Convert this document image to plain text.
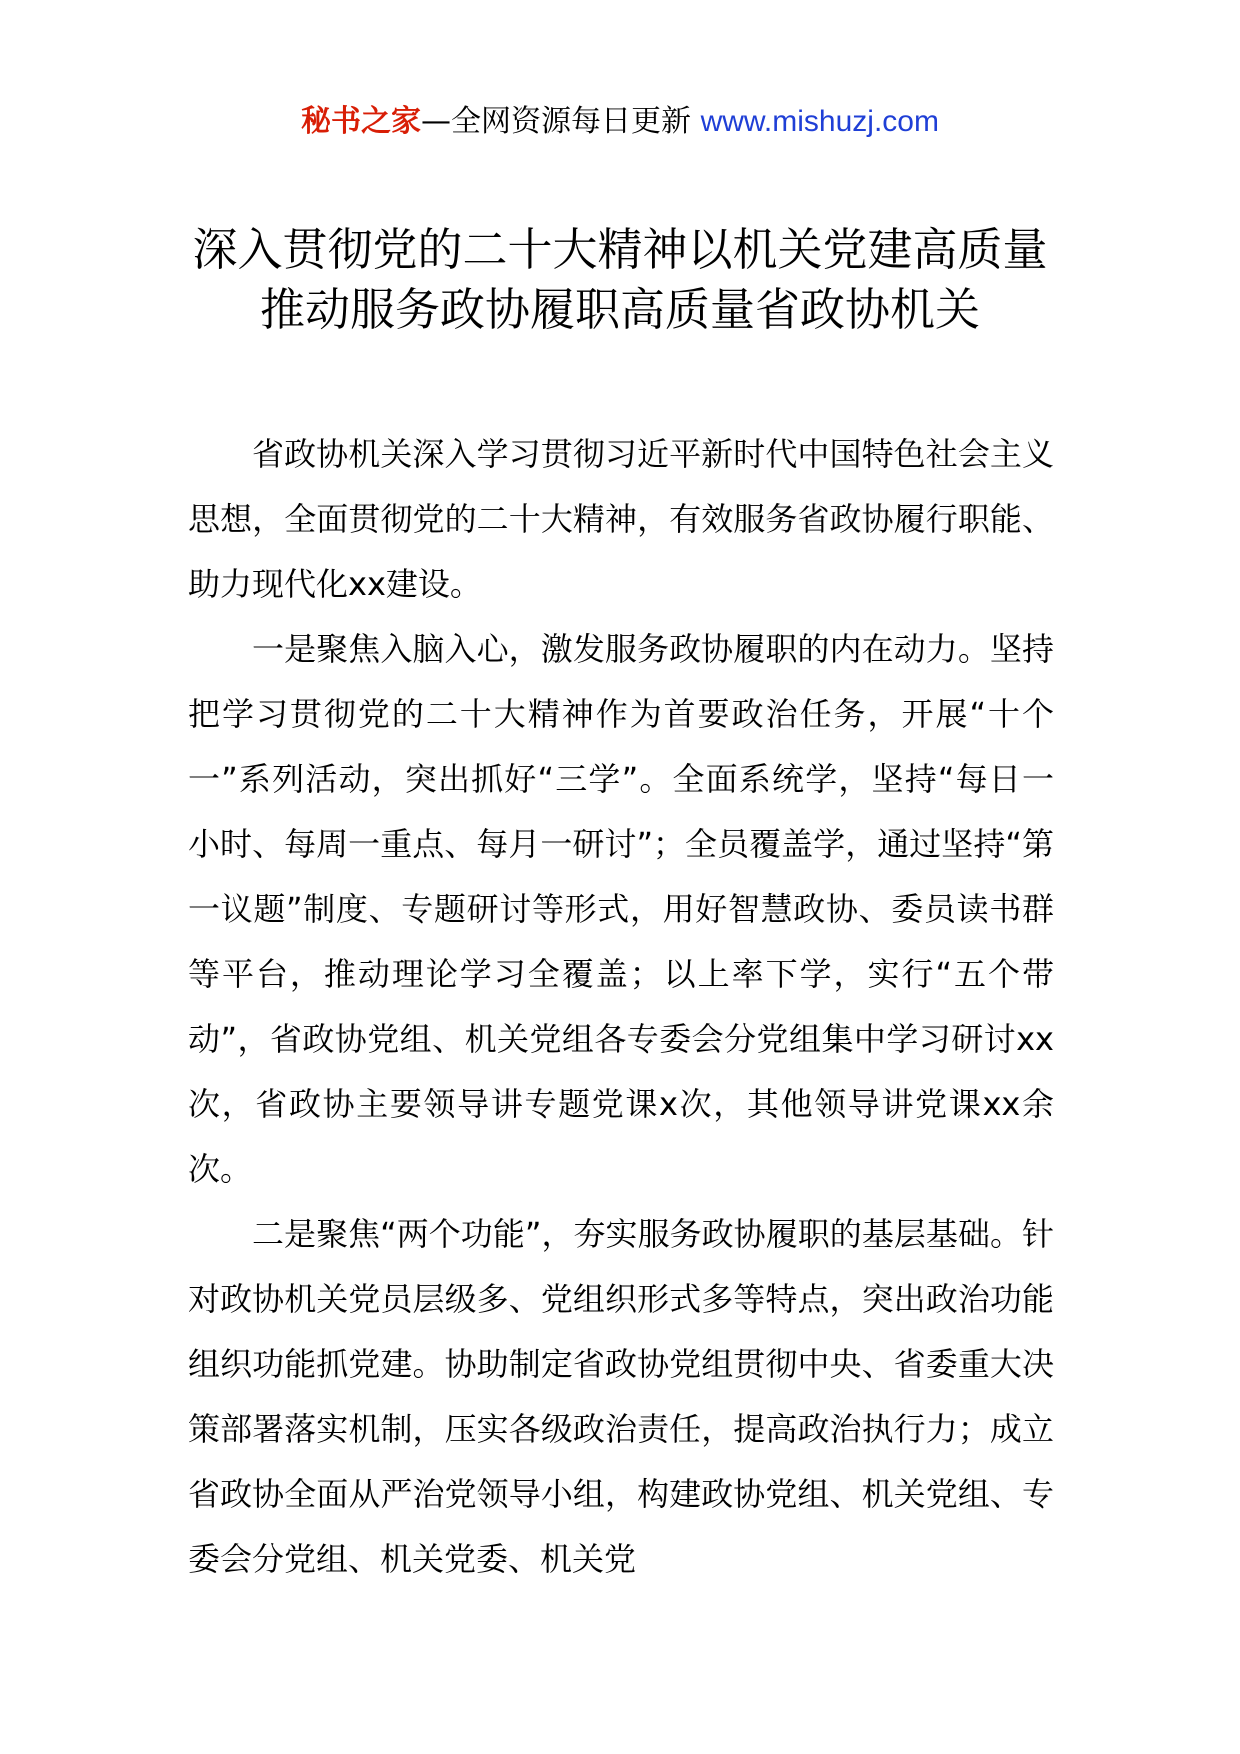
秘书之家—全网资源每日更新 www.mishuzj.com
深入贯彻党的二十大精神以机关党建高质量推动服务政协履职高质量省政协机关

省政协机关深入学习贯彻习近平新时代中国特色社会主义思想，全面贯彻党的二十大精神，有效服务省政协履行职能、助力现代化xx建设。

一是聚焦入脑入心，激发服务政协履职的内在动力。坚持把学习贯彻党的二十大精神作为首要政治任务，开展“十个一”系列活动，突出抓好“三学”。全面系统学，坚持“每日一小时、每周一重点、每月一研讨”；全员覆盖学，通过坚持“第一议题”制度、专题研讨等形式，用好智慧政协、委员读书群等平台，推动理论学习全覆盖；以上率下学，实行“五个带动”，省政协党组、机关党组各专委会分党组集中学习研讨xx次，省政协主要领导讲专题党课x次，其他领导讲党课xx余次。

二是聚焦“两个功能”，夯实服务政协履职的基层基础。针对政协机关党员层级多、党组织形式多等特点，突出政治功能组织功能抓党建。协助制定省政协党组贯彻中央、省委重大决策部署落实机制，压实各级政治责任，提高政治执行力；成立省政协全面从严治党领导小组，构建政协党组、机关党组、专委会分党组、机关党委、机关党
